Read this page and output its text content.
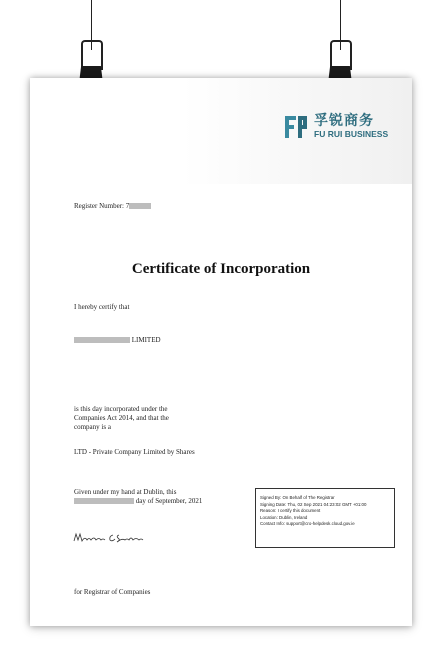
孚锐商务
FU RUI BUSINESS
Register Number: 7
Certificate of Incorporation
I hereby certify that
LIMITED
is this day incorporated under the
Companies Act 2014, and that the
company is a
LTD - Private Company Limited by Shares
Given under my hand at Dublin, this
day of September, 2021	Signed By: On Behalf of The Registrar
Signing Date: Thu, 02 Sep 2021 04:23:02 GMT +01:00
Reason: I certify this document
Location: Dublin, Ireland
Contact Info: support@cro-helpdesk.cloud.gov.ie
for Registrar of Companies
